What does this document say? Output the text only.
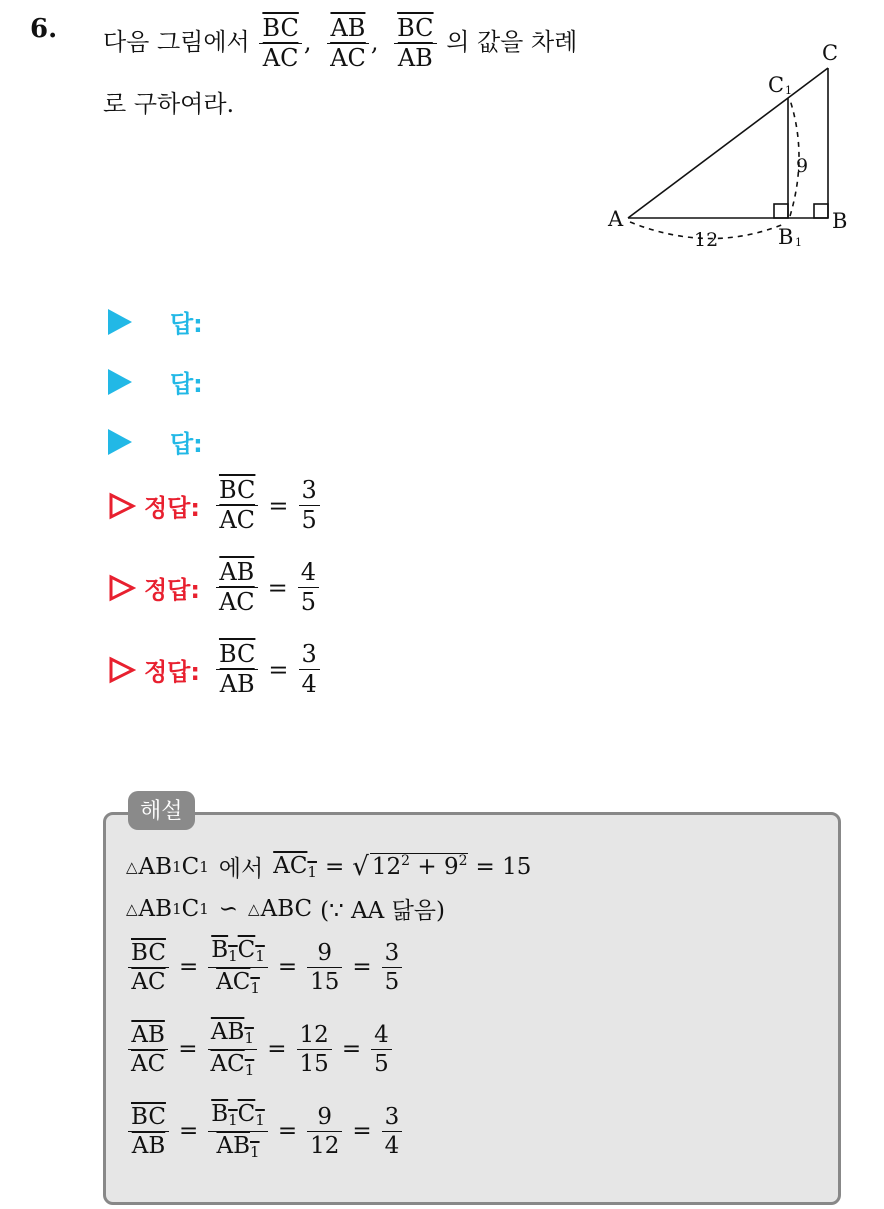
6. 다음 그림에서 $\frac{\overline{BC}}{AC}$ , $\frac{\overline{AB}}{AC}$ , $\frac{\overline{BC}}{AB}$ 의 값을 차례
로 구하여라.
A	B
C
C 1
B 1
12
9
답:
답:
답:
정답: $\frac{\overline{BC}}{AC} = \frac{3}{5}$
정답: $\frac{\overline{AB}}{AC} = \frac{4}{5}$
정답: $\frac{\overline{BC}}{AB} = \frac{3}{4}$
해설
△ AB 1 C 1 에서 $AC_1$ = √ $12^2 + 9^2 = 15$
△ AB 1 C 1 ∽ △ ABC (∵ AA 닮음)
$\frac{\overline{BC}}{AC} = \frac{B_1C_1}{AC_1} = \frac{9}{15} = \frac{3}{5}$
$\frac{\overline{AB}}{AC} = \frac{AB_1}{AC_1} = \frac{12}{15} = \frac{4}{5}$
$\frac{\overline{BC}}{AB} = \frac{B_1C_1}{AB_1} = \frac{9}{12} = \frac{3}{4}$
